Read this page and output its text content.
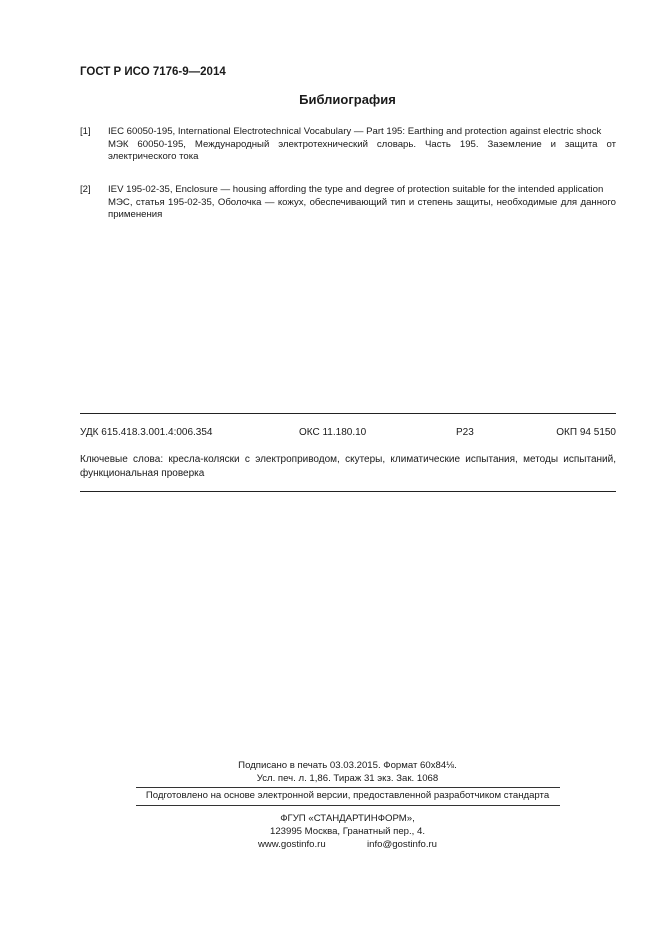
ГОСТ Р ИСО 7176-9—2014
Библиография
[1] IEC 60050-195, International Electrotechnical Vocabulary — Part 195: Earthing and protection against electric shock
МЭК 60050-195, Международный электротехнический словарь. Часть 195. Заземление и защита от электрического тока
[2] IEV 195-02-35, Enclosure — housing affording the type and degree of protection suitable for the intended application
МЭС, статья 195-02-35, Оболочка — кожух, обеспечивающий тип и степень защиты, необходимые для данного применения
УДК 615.418.3.001.4:006.354	ОКС 11.180.10	Р23	ОКП 94 5150
Ключевые слова: кресла-коляски с электроприводом, скутеры, климатические испытания, методы испытаний, функциональная проверка
Подписано в печать 03.03.2015. Формат 60х84⅛.
Усл. печ. л. 1,86. Тираж 31 экз. Зак. 1068
Подготовлено на основе электронной версии, предоставленной разработчиком стандарта
ФГУП «СТАНДАРТИНФОРМ»,
123995 Москва, Гранатный пер., 4.
www.gostinfo.ru	info@gostinfo.ru
